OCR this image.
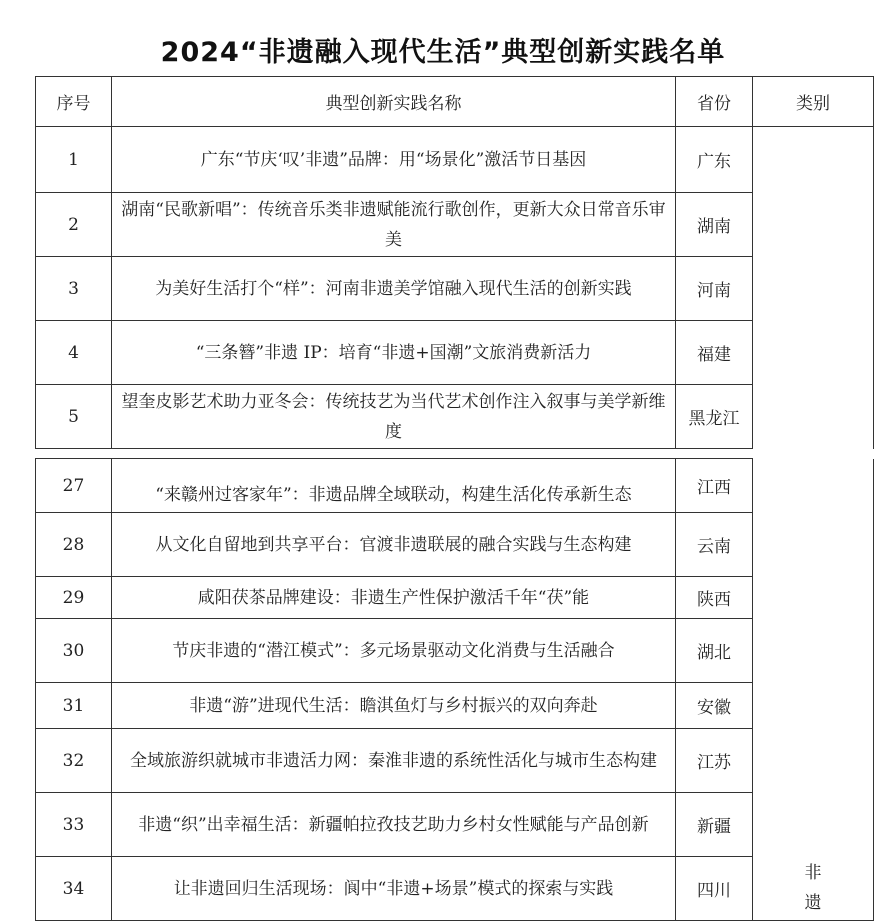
2024“非遗融入现代生活”典型创新实践名单
序号	典型创新实践名称	省份	类别
1	广东“节庆‘叹’非遗”品牌：用“场景化”激活节日基因	广东	
2	湖南“民歌新唱”：传统音乐类非遗赋能流行歌创作，更新大众日常音乐审美	湖南	
3	为美好生活打个“样”：河南非遗美学馆融入现代生活的创新实践	河南	
4	“三条簪”非遗 IP：培育“非遗+国潮”文旅消费新活力	福建	
5	望奎皮影艺术助力亚冬会：传统技艺为当代艺术创作注入叙事与美学新维度	黑龙江	
27	“来赣州过客家年”：非遗品牌全域联动，构建生活化传承新生态	江西	非遗
28	从文化自留地到共享平台：官渡非遗联展的融合实践与生态构建	云南	
29	咸阳茯茶品牌建设：非遗生产性保护激活千年“茯”能	陕西	
30	节庆非遗的“潜江模式”：多元场景驱动文化消费与生活融合	湖北	
31	非遗“游”进现代生活：瞻淇鱼灯与乡村振兴的双向奔赴	安徽	
32	全域旅游织就城市非遗活力网：秦淮非遗的系统性活化与城市生态构建	江苏	
33	非遗“织”出幸福生活：新疆帕拉孜技艺助力乡村女性赋能与产品创新	新疆	
34	让非遗回归生活现场：阆中“非遗+场景”模式的探索与实践	四川	
